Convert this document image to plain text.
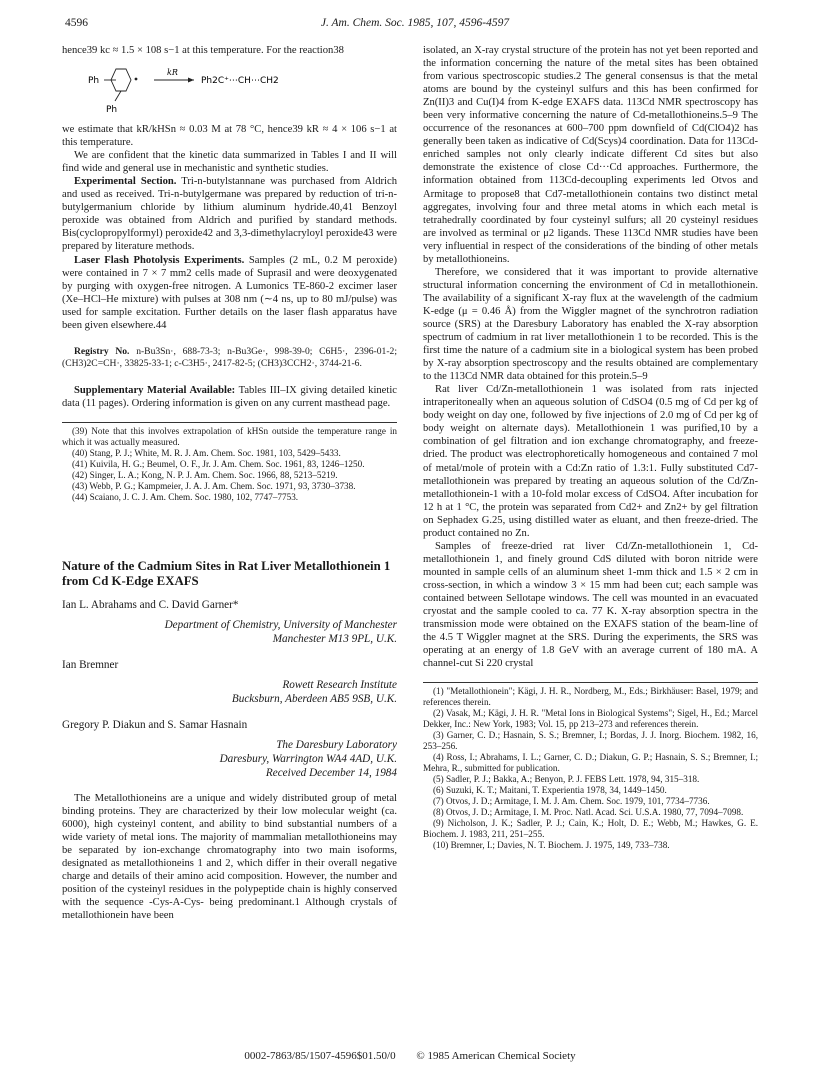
4596	J. Am. Chem. Soc. 1985, 107, 4596-4597

hence39 kc ≈ 1.5 × 108 s−1 at this temperature. For the reaction38

Ph
Ph
kR
Ph2C⁺⋯CH⋯CH2

we estimate that kR/kHSn ≈ 0.03 M at 78 °C, hence39 kR ≈ 4 × 106 s−1 at this temperature.

We are confident that the kinetic data summarized in Tables I and II will find wide and general use in mechanistic and synthetic studies.

Experimental Section. Tri-n-butylstannane was purchased from Aldrich and used as received. Tri-n-butylgermane was prepared by reduction of tri-n-butylgermanium chloride by lithium aluminum hydride.40,41 Benzoyl peroxide was obtained from Aldrich and purified by standard methods. Bis(cyclopropylformyl) peroxide42 and 3,3-dimethylacryloyl peroxide43 were prepared by literature methods.

Laser Flash Photolysis Experiments. Samples (2 mL, 0.2 M peroxide) were contained in 7 × 7 mm2 cells made of Suprasil and were deoxygenated by purging with oxygen-free nitrogen. A Lumonics TE-860-2 excimer laser (Xe–HCl–He mixture) with pulses at 308 nm (∼4 ns, up to 80 mJ/pulse) was used for sample excitation. Further details on the laser flash apparatus have been given elsewhere.44

Registry No. n-Bu3Sn·, 688-73-3; n-Bu3Ge·, 998-39-0; C6H5·, 2396-01-2; (CH3)2C=CH·, 33825-33-1; c-C3H5·, 2417-82-5; (CH3)3CCH2·, 3744-21-6.

Supplementary Material Available: Tables III–IX giving detailed kinetic data (11 pages). Ordering information is given on any current masthead page.

(39) Note that this involves extrapolation of kHSn outside the temperature range in which it was actually measured.

(40) Stang, P. J.; White, M. R. J. Am. Chem. Soc. 1981, 103, 5429–5433.

(41) Kuivila, H. G.; Beumel, O. F., Jr. J. Am. Chem. Soc. 1961, 83, 1246–1250.

(42) Singer, L. A.; Kong, N. P. J. Am. Chem. Soc. 1966, 88, 5213–5219.

(43) Webb, P. G.; Kampmeier, J. A. J. Am. Chem. Soc. 1971, 93, 3730–3738.

(44) Scaiano, J. C. J. Am. Chem. Soc. 1980, 102, 7747–7753.

Nature of the Cadmium Sites in Rat Liver Metallothionein 1 from Cd K-Edge EXAFS

Ian L. Abrahams and C. David Garner*

Department of Chemistry, University of Manchester

Manchester M13 9PL, U.K.

Ian Bremner

Rowett Research Institute

Bucksburn, Aberdeen AB5 9SB, U.K.

Gregory P. Diakun and S. Samar Hasnain

The Daresbury Laboratory

Daresbury, Warrington WA4 4AD, U.K.

Received December 14, 1984

The Metallothioneins are a unique and widely distributed group of metal binding proteins. They are characterized by their low molecular weight (ca. 6000), high cysteinyl content, and ability to bind substantial numbers of a wide variety of metal ions. The majority of mammalian metallothioneins may be separated by ion-exchange chromatography into two main isoforms, designated as metallothioneins 1 and 2, which differ in their overall negative charge and details of their amino acid composition. However, the number and position of the cysteinyl residues in the polypeptide chain is highly conserved with the sequence -Cys-A-Cys- being predominant.1 Although crystals of metallothionein have been

isolated, an X-ray crystal structure of the protein has not yet been reported and the information concerning the nature of the metal sites has been obtained from various spectroscopic studies.2 The general consensus is that the metal atoms are bound by the cysteinyl sulfurs and this has been confirmed for Zn(II)3 and Cu(I)4 from K-edge EXAFS data. 113Cd NMR spectroscopy has been very informative concerning the nature of Cd-metallothioneins.5–9 The occurrence of the resonances at 600–700 ppm downfield of Cd(ClO4)2 has generally been taken as indicative of Cd(Scys)4 coordination. Data for 113Cd-enriched samples not only clearly indicate different Cd sites but also demonstrate the existence of close Cd···Cd approaches. Furthermore, the information obtained from 113Cd-decoupling experiments led Otvos and Armitage to propose8 that Cd7-metallothionein contains two distinct metal aggregates, involving four and three metal atoms in which each metal is tetrahedrally coordinated by four cysteinyl sulfurs; all 20 cysteinyl residues are involved as terminal or μ2 ligands. These 113Cd NMR studies have been very influential in respect of the considerations of the binding of other metals by metallothioneins.

Therefore, we considered that it was important to provide alternative structural information concerning the environment of Cd in metallothionein. The availability of a significant X-ray flux at the wavelength of the cadmium K-edge (μ = 0.46 Å) from the Wiggler magnet of the synchrotron radiation source (SRS) at the Daresbury Laboratory has enabled the X-ray absorption spectrum of cadmium in rat liver metallothionein 1 to be recorded. This is the first time the nature of a cadmium site in a biological system has been probed by X-ray absorption spectroscopy and the results obtained are complementary to the 113Cd NMR data obtained for this protein.5–9

Rat liver Cd/Zn-metallothionein 1 was isolated from rats injected intraperitoneally when an aqueous solution of CdSO4 (0.5 mg of Cd per kg of body weight on day one, followed by five injections of 2.0 mg of Cd per kg of body weight on alternate days). Metallothionein 1 was purified,10 by a combination of gel filtration and ion exchange chromatography, and freeze-dried. The product was electrophoretically homogeneous and contained 7 mol of metal/mole of protein with a Cd:Zn ratio of 1.3:1. Fully substituted Cd7-metallothionein was prepared by treating an aqueous solution of the Cd/Zn-metallothionein-1 with a 10-fold molar excess of CdSO4. After incubation for 12 h at 1 °C, the protein was separated from Cd2+ and Zn2+ by gel filtration on Sephadex G.25, using distilled water as eluant, and then freeze-dried. The product contained no Zn.

Samples of freeze-dried rat liver Cd/Zn-metallothionein 1, Cd-metallothionein 1, and finely ground CdS diluted with boron nitride were mounted in sample cells of an aluminum sheet 1-mm thick and 1.5 × 2 cm in cross-section, in which a window 3 × 15 mm had been cut; each sample was contained between Sellotape windows. The cell was mounted in an evacuated cryostat and the sample cooled to ca. 77 K. X-ray absorption spectra in the transmission mode were obtained on the EXAFS station of the beam-line of the 4.5 T Wiggler magnet at the SRS. During the experiments, the SRS was operating at an energy of 1.8 GeV with an average current of 180 mA. A channel-cut Si 220 crystal

(1) "Metallothionein"; Kägi, J. H. R., Nordberg, M., Eds.; Birkhäuser: Basel, 1979; and references therein.

(2) Vasak, M.; Kägi, J. H. R. "Metal Ions in Biological Systems"; Sigel, H., Ed.; Marcel Dekker, Inc.: New York, 1983; Vol. 15, pp 213–273 and references therein.

(3) Garner, C. D.; Hasnain, S. S.; Bremner, I.; Bordas, J. J. Inorg. Biochem. 1982, 16, 253–256.

(4) Ross, I.; Abrahams, I. L.; Garner, C. D.; Diakun, G. P.; Hasnain, S. S.; Bremner, I.; Mehra, R., submitted for publication.

(5) Sadler, P. J.; Bakka, A.; Benyon, P. J. FEBS Lett. 1978, 94, 315–318.

(6) Suzuki, K. T.; Maitani, T. Experientia 1978, 34, 1449–1450.

(7) Otvos, J. D.; Armitage, I. M. J. Am. Chem. Soc. 1979, 101, 7734–7736.

(8) Otvos, J. D.; Armitage, I. M. Proc. Natl. Acad. Sci. U.S.A. 1980, 77, 7094–7098.

(9) Nicholson, J. K.; Sadler, P. J.; Cain, K.; Holt, D. E.; Webb, M.; Hawkes, G. E. Biochem. J. 1983, 211, 251–255.

(10) Bremner, I.; Davies, N. T. Biochem. J. 1975, 149, 733–738.

0002-7863/85/1507-4596$01.50/0 © 1985 American Chemical Society
